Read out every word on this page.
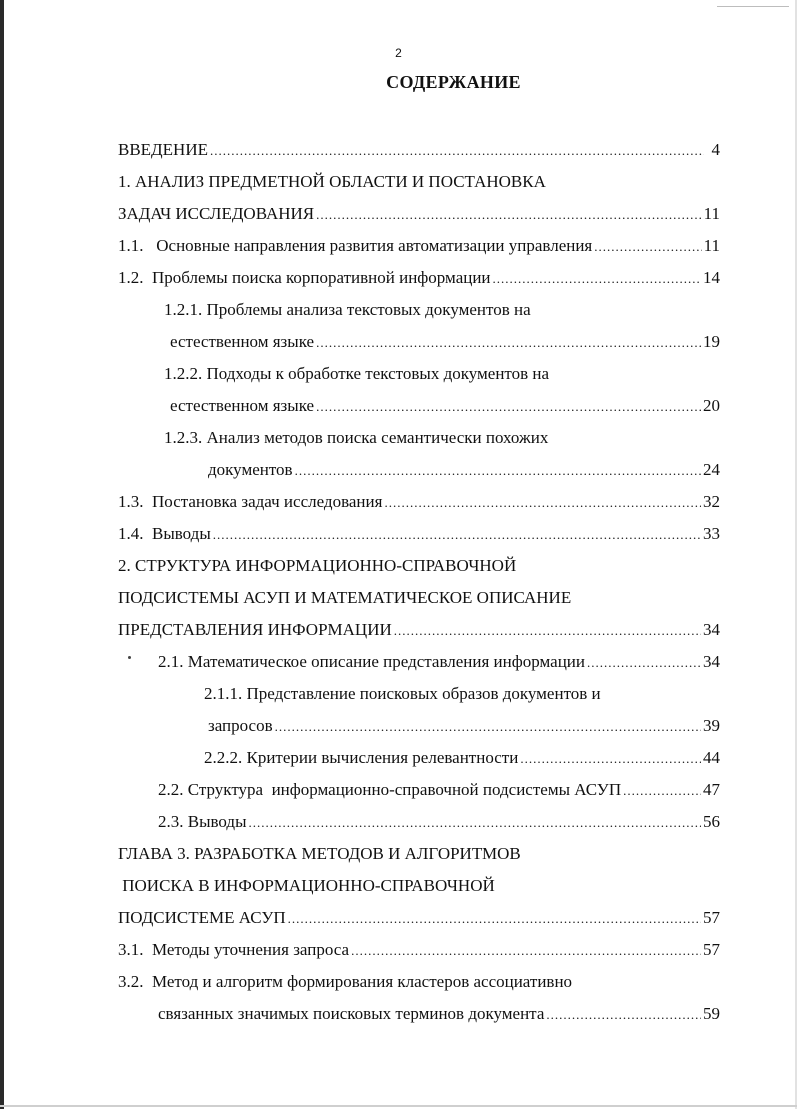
2
СОДЕРЖАНИЕ
ВВЕДЕНИЕ .....	4
1. АНАЛИЗ ПРЕДМЕТНОЙ ОБЛАСТИ И ПОСТАНОВКА
ЗАДАЧ ИССЛЕДОВАНИЯ .....	11
1.1.   Основные направления развития автоматизации управления .....	11
1.2.  Проблемы поиска корпоративной информации .....	14
1.2.1. Проблемы анализа текстовых документов на
естественном языке .....	19
1.2.2. Подходы к обработке текстовых документов на
естественном языке .....	20
1.2.3. Анализ методов поиска семантически похожих
документов .....	24
1.3.  Постановка задач исследования .....	32
1.4.  Выводы .....	33
2. СТРУКТУРА ИНФОРМАЦИОННО-СПРАВОЧНОЙ
ПОДСИСТЕМЫ АСУП И МАТЕМАТИЧЕСКОЕ ОПИСАНИЕ
ПРЕДСТАВЛЕНИЯ ИНФОРМАЦИИ .....	34
2.1. Математическое описание представления информации .....	34
2.1.1. Представление поисковых образов документов и
запросов .....	39
2.2.2. Критерии вычисления релевантности .....	44
2.2. Структура  информационно-справочной подсистемы АСУП .....	47
2.3. Выводы .....	56
ГЛАВА 3. РАЗРАБОТКА МЕТОДОВ И АЛГОРИТМОВ
ПОИСКА В ИНФОРМАЦИОННО-СПРАВОЧНОЙ
ПОДСИСТЕМЕ АСУП .....	57
3.1.  Методы уточнения запроса .....	57
3.2.  Метод и алгоритм формирования кластеров ассоциативно
связанных значимых поисковых терминов документа .....	59
